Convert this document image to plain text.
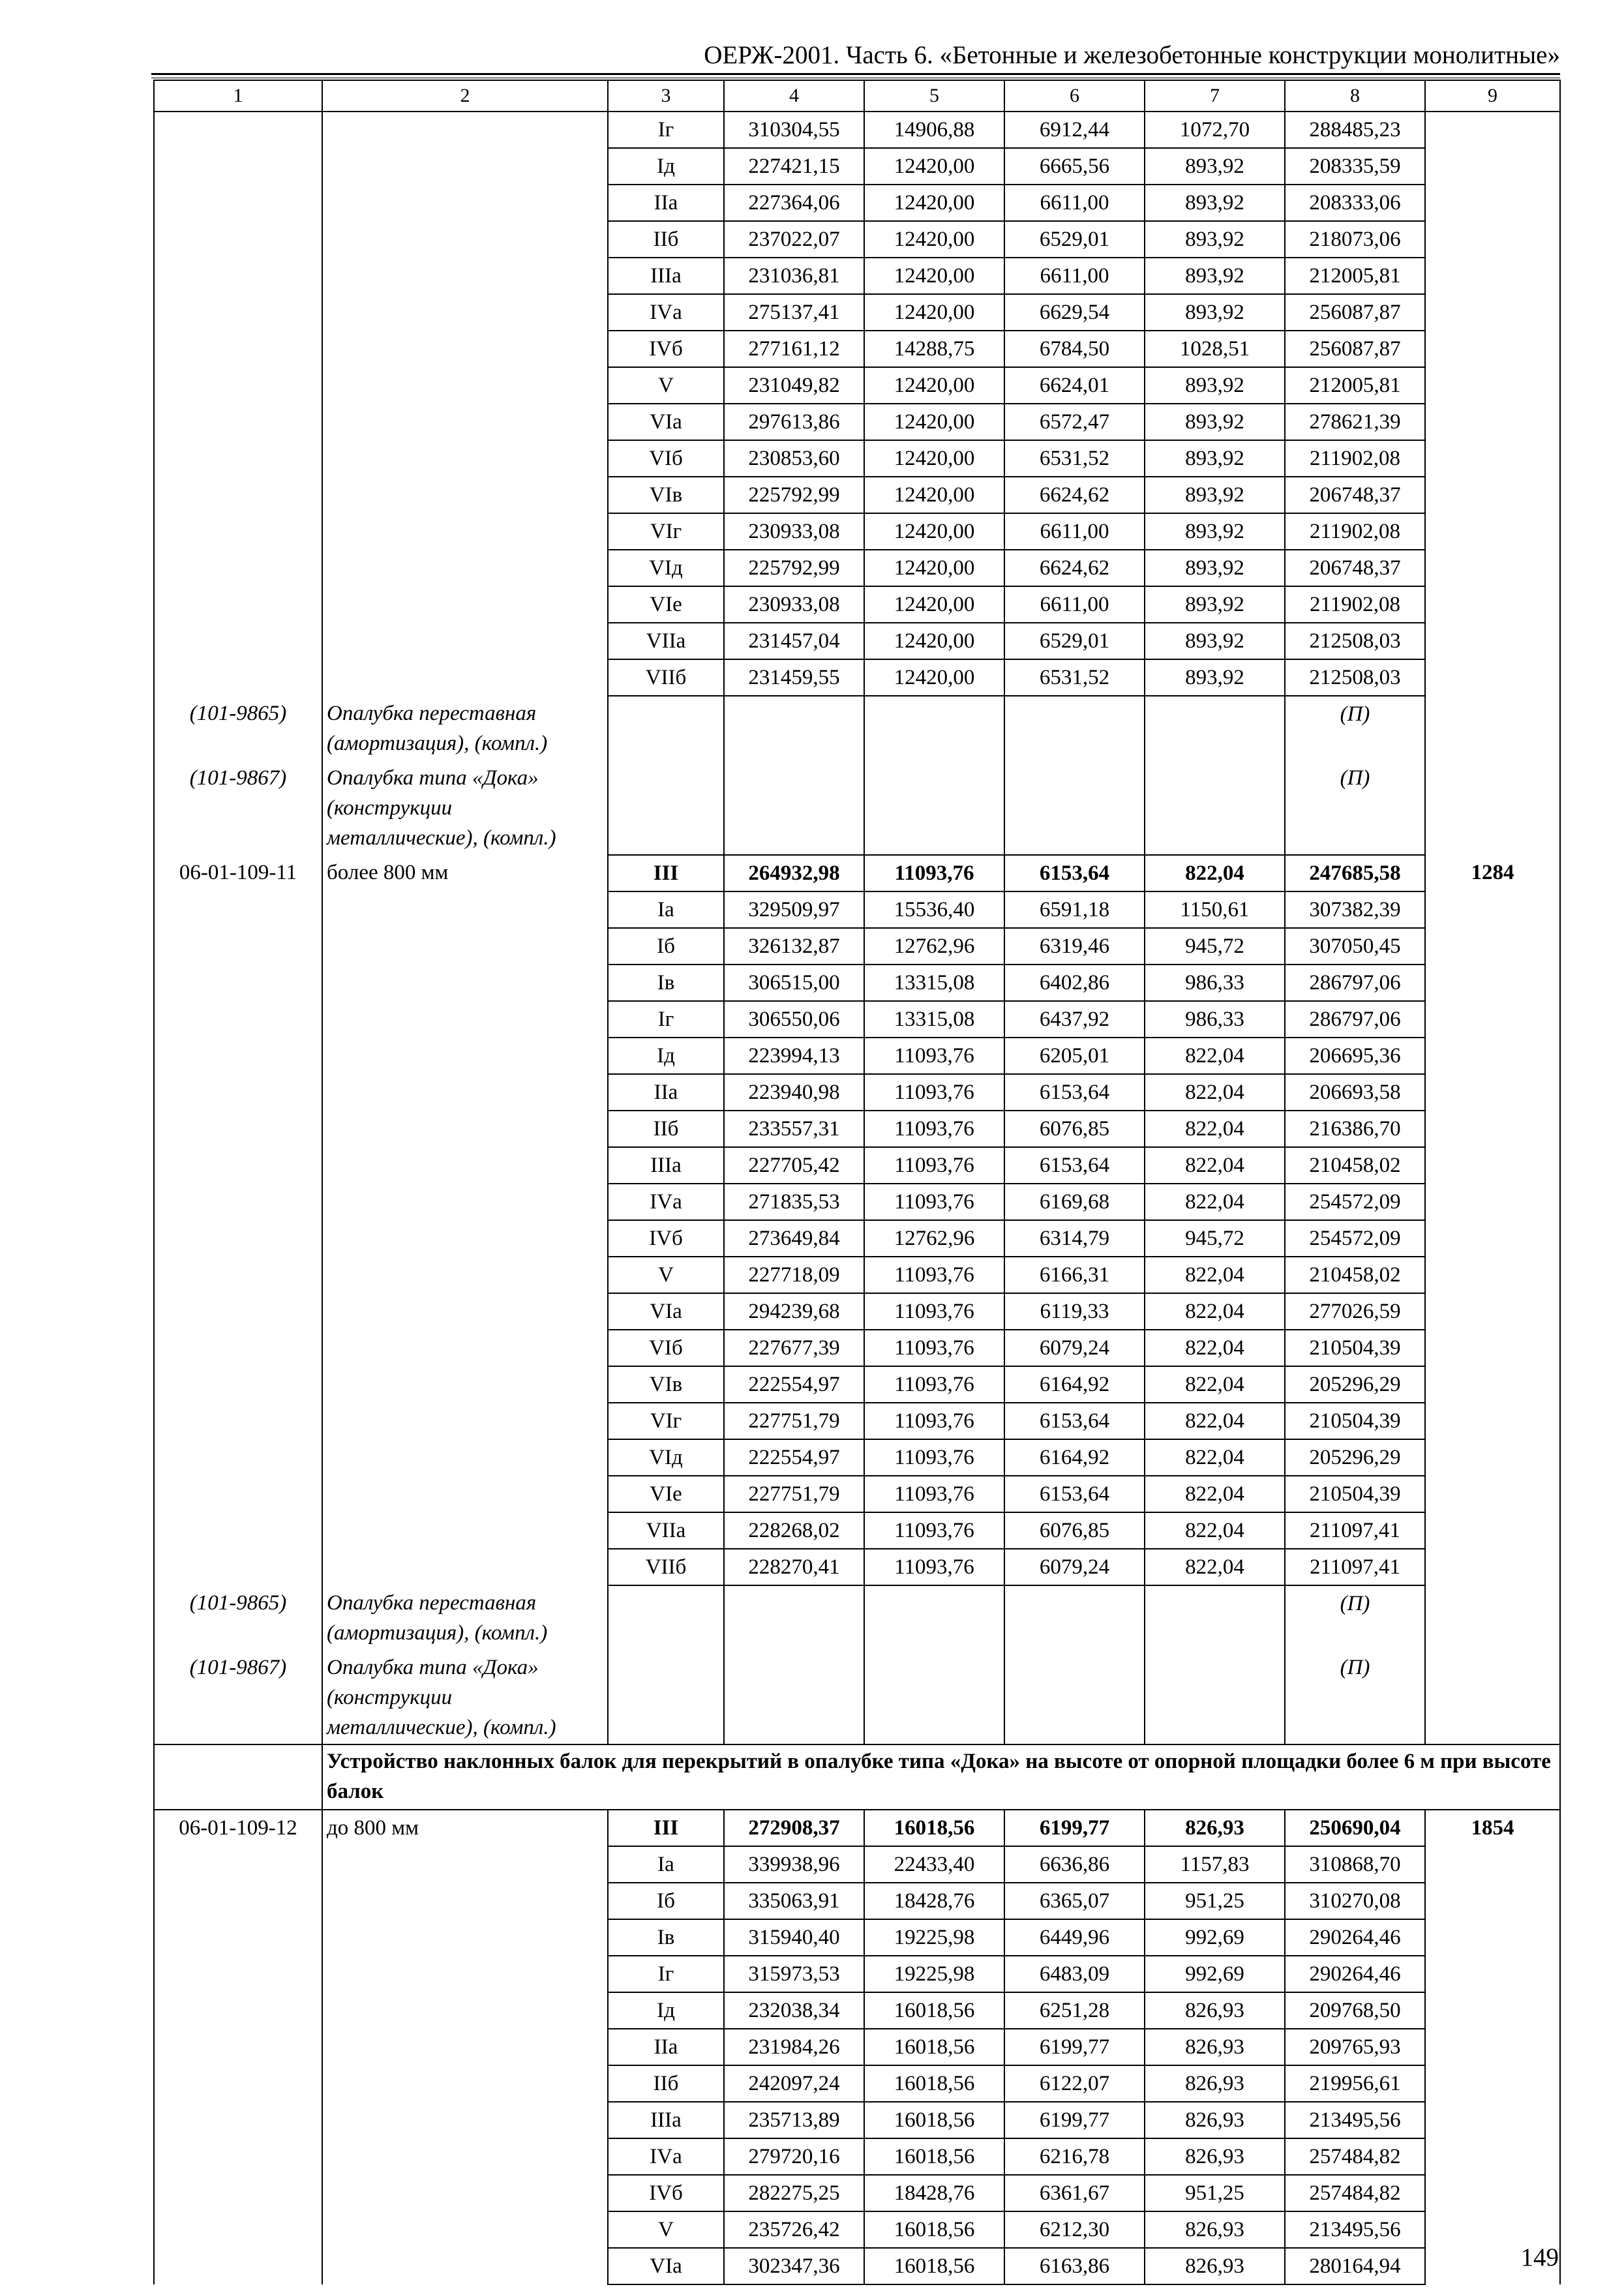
ОЕРЖ-2001. Часть 6. «Бетонные и железобетонные конструкции монолитные»
1	2	3	4	5	6	7	8	9
		Iг	310304,55	14906,88	6912,44	1072,70	288485,23	
		Iд	227421,15	12420,00	6665,56	893,92	208335,59	
		IIа	227364,06	12420,00	6611,00	893,92	208333,06	
		IIб	237022,07	12420,00	6529,01	893,92	218073,06	
		IIIа	231036,81	12420,00	6611,00	893,92	212005,81	
		IVа	275137,41	12420,00	6629,54	893,92	256087,87	
		IVб	277161,12	14288,75	6784,50	1028,51	256087,87	
		V	231049,82	12420,00	6624,01	893,92	212005,81	
		VIа	297613,86	12420,00	6572,47	893,92	278621,39	
		VIб	230853,60	12420,00	6531,52	893,92	211902,08	
		VIв	225792,99	12420,00	6624,62	893,92	206748,37	
		VIг	230933,08	12420,00	6611,00	893,92	211902,08	
		VIд	225792,99	12420,00	6624,62	893,92	206748,37	
		VIе	230933,08	12420,00	6611,00	893,92	211902,08	
		VIIа	231457,04	12420,00	6529,01	893,92	212508,03	
		VIIб	231459,55	12420,00	6531,52	893,92	212508,03	
(101-9865)	Опалубка переставная (амортизация), (компл.)						(П)	
(101-9867)	Опалубка типа «Дока» (конструкции металлические), (компл.)						(П)	
06-01-109-11	более 800 мм	III	264932,98	11093,76	6153,64	822,04	247685,58	1284
		Iа	329509,97	15536,40	6591,18	1150,61	307382,39	
		Iб	326132,87	12762,96	6319,46	945,72	307050,45	
		Iв	306515,00	13315,08	6402,86	986,33	286797,06	
		Iг	306550,06	13315,08	6437,92	986,33	286797,06	
		Iд	223994,13	11093,76	6205,01	822,04	206695,36	
		IIа	223940,98	11093,76	6153,64	822,04	206693,58	
		IIб	233557,31	11093,76	6076,85	822,04	216386,70	
		IIIа	227705,42	11093,76	6153,64	822,04	210458,02	
		IVа	271835,53	11093,76	6169,68	822,04	254572,09	
		IVб	273649,84	12762,96	6314,79	945,72	254572,09	
		V	227718,09	11093,76	6166,31	822,04	210458,02	
		VIа	294239,68	11093,76	6119,33	822,04	277026,59	
		VIб	227677,39	11093,76	6079,24	822,04	210504,39	
		VIв	222554,97	11093,76	6164,92	822,04	205296,29	
		VIг	227751,79	11093,76	6153,64	822,04	210504,39	
		VIд	222554,97	11093,76	6164,92	822,04	205296,29	
		VIе	227751,79	11093,76	6153,64	822,04	210504,39	
		VIIа	228268,02	11093,76	6076,85	822,04	211097,41	
		VIIб	228270,41	11093,76	6079,24	822,04	211097,41	
(101-9865)	Опалубка переставная (амортизация), (компл.)						(П)	
(101-9867)	Опалубка типа «Дока» (конструкции металлические), (компл.)						(П)	
	Устройство наклонных балок для перекрытий в опалубке типа «Дока» на высоте от опорной площадки более 6 м при высоте балок							
06-01-109-12	до 800 мм	III	272908,37	16018,56	6199,77	826,93	250690,04	1854
		Iа	339938,96	22433,40	6636,86	1157,83	310868,70	
		Iб	335063,91	18428,76	6365,07	951,25	310270,08	
		Iв	315940,40	19225,98	6449,96	992,69	290264,46	
		Iг	315973,53	19225,98	6483,09	992,69	290264,46	
		Iд	232038,34	16018,56	6251,28	826,93	209768,50	
		IIа	231984,26	16018,56	6199,77	826,93	209765,93	
		IIб	242097,24	16018,56	6122,07	826,93	219956,61	
		IIIа	235713,89	16018,56	6199,77	826,93	213495,56	
		IVа	279720,16	16018,56	6216,78	826,93	257484,82	
		IVб	282275,25	18428,76	6361,67	951,25	257484,82	
		V	235726,42	16018,56	6212,30	826,93	213495,56	
		VIа	302347,36	16018,56	6163,86	826,93	280164,94		149
